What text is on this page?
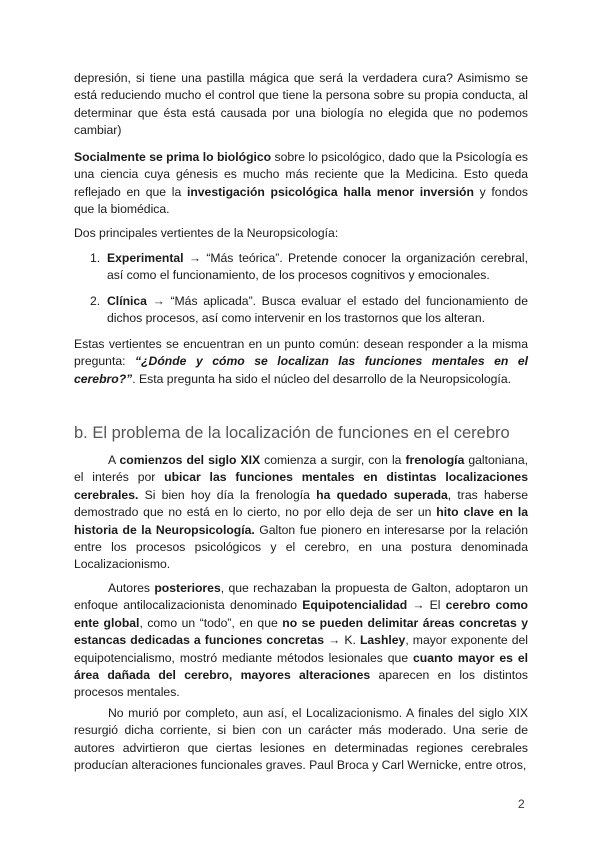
depresión, si tiene una pastilla mágica que será la verdadera cura? Asimismo se está reduciendo mucho el control que tiene la persona sobre su propia conducta, al determinar que ésta está causada por una biología no elegida que no podemos cambiar)

Socialmente se prima lo biológico sobre lo psicológico, dado que la Psicología es una ciencia cuya génesis es mucho más reciente que la Medicina. Esto queda reflejado en que la investigación psicológica halla menor inversión y fondos que la biomédica.

Dos principales vertientes de la Neuropsicología:

1. Experimental → “Más teórica”. Pretende conocer la organización cerebral, así como el funcionamiento, de los procesos cognitivos y emocionales.
2. Clínica → “Más aplicada”. Busca evaluar el estado del funcionamiento de dichos procesos, así como intervenir en los trastornos que los alteran.

Estas vertientes se encuentran en un punto común: desean responder a la misma pregunta: “¿Dónde y cómo se localizan las funciones mentales en el cerebro?”. Esta pregunta ha sido el núcleo del desarrollo de la Neuropsicología.

b. El problema de la localización de funciones en el cerebro

A comienzos del siglo XIX comienza a surgir, con la frenología galtoniana, el interés por ubicar las funciones mentales en distintas localizaciones cerebrales. Si bien hoy día la frenología ha quedado superada, tras haberse demostrado que no está en lo cierto, no por ello deja de ser un hito clave en la historia de la Neuropsicología. Galton fue pionero en interesarse por la relación entre los procesos psicológicos y el cerebro, en una postura denominada Localizacionismo.

Autores posteriores, que rechazaban la propuesta de Galton, adoptaron un enfoque antilocalizacionista denominado Equipotencialidad → El cerebro como ente global, como un “todo”, en que no se pueden delimitar áreas concretas y estancas dedicadas a funciones concretas → K. Lashley, mayor exponente del equipotencialismo, mostró mediante métodos lesionales que cuanto mayor es el área dañada del cerebro, mayores alteraciones aparecen en los distintos procesos mentales.

No murió por completo, aun así, el Localizacionismo. A finales del siglo XIX resurgió dicha corriente, si bien con un carácter más moderado. Una serie de autores advirtieron que ciertas lesiones en determinadas regiones cerebrales producían alteraciones funcionales graves. Paul Broca y Carl Wernicke, entre otros,

2
